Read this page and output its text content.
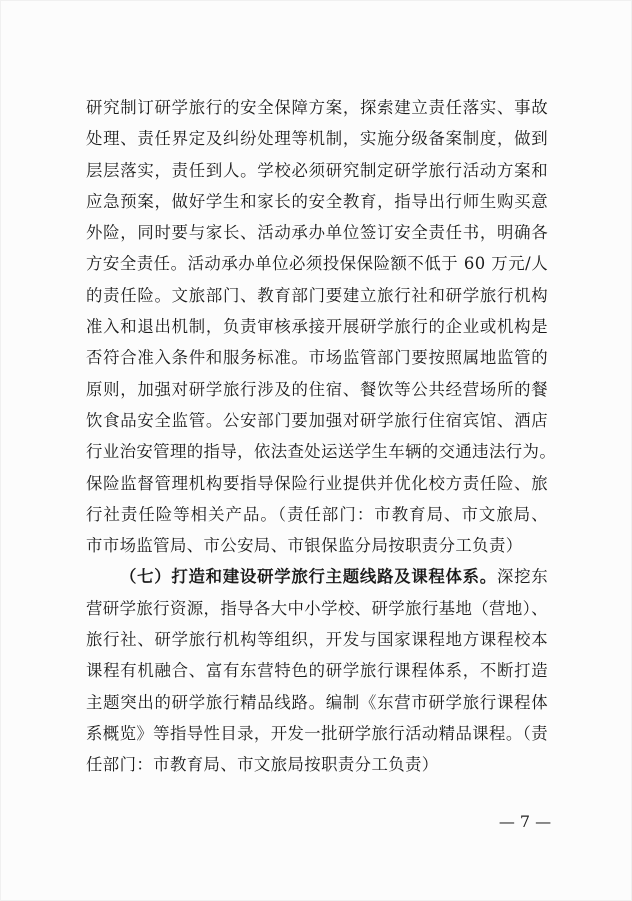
研究制订研学旅行的安全保障方案，探索建立责任落实、事故
处理、责任界定及纠纷处理等机制，实施分级备案制度，做到
层层落实，责任到人。学校必须研究制定研学旅行活动方案和
应急预案，做好学生和家长的安全教育，指导出行师生购买意
外险，同时要与家长、活动承办单位签订安全责任书，明确各
方安全责任。活动承办单位必须投保保险额不低于 60 万元/人
的责任险。文旅部门、教育部门要建立旅行社和研学旅行机构
准入和退出机制，负责审核承接开展研学旅行的企业或机构是
否符合准入条件和服务标准。市场监管部门要按照属地监管的
原则，加强对研学旅行涉及的住宿、餐饮等公共经营场所的餐
饮食品安全监管。公安部门要加强对研学旅行住宿宾馆、酒店
行业治安管理的指导，依法查处运送学生车辆的交通违法行为。
保险监督管理机构要指导保险行业提供并优化校方责任险、旅
行社责任险等相关产品。（责任部门：市教育局、市文旅局、
市市场监管局、市公安局、市银保监分局按职责分工负责）
（七）打造和建设研学旅行主题线路及课程体系。深挖东
营研学旅行资源，指导各大中小学校、研学旅行基地（营地）、
旅行社、研学旅行机构等组织，开发与国家课程地方课程校本
课程有机融合、富有东营特色的研学旅行课程体系，不断打造
主题突出的研学旅行精品线路。编制《东营市研学旅行课程体
系概览》等指导性目录，开发一批研学旅行活动精品课程。（责
任部门：市教育局、市文旅局按职责分工负责）
— 7 —
